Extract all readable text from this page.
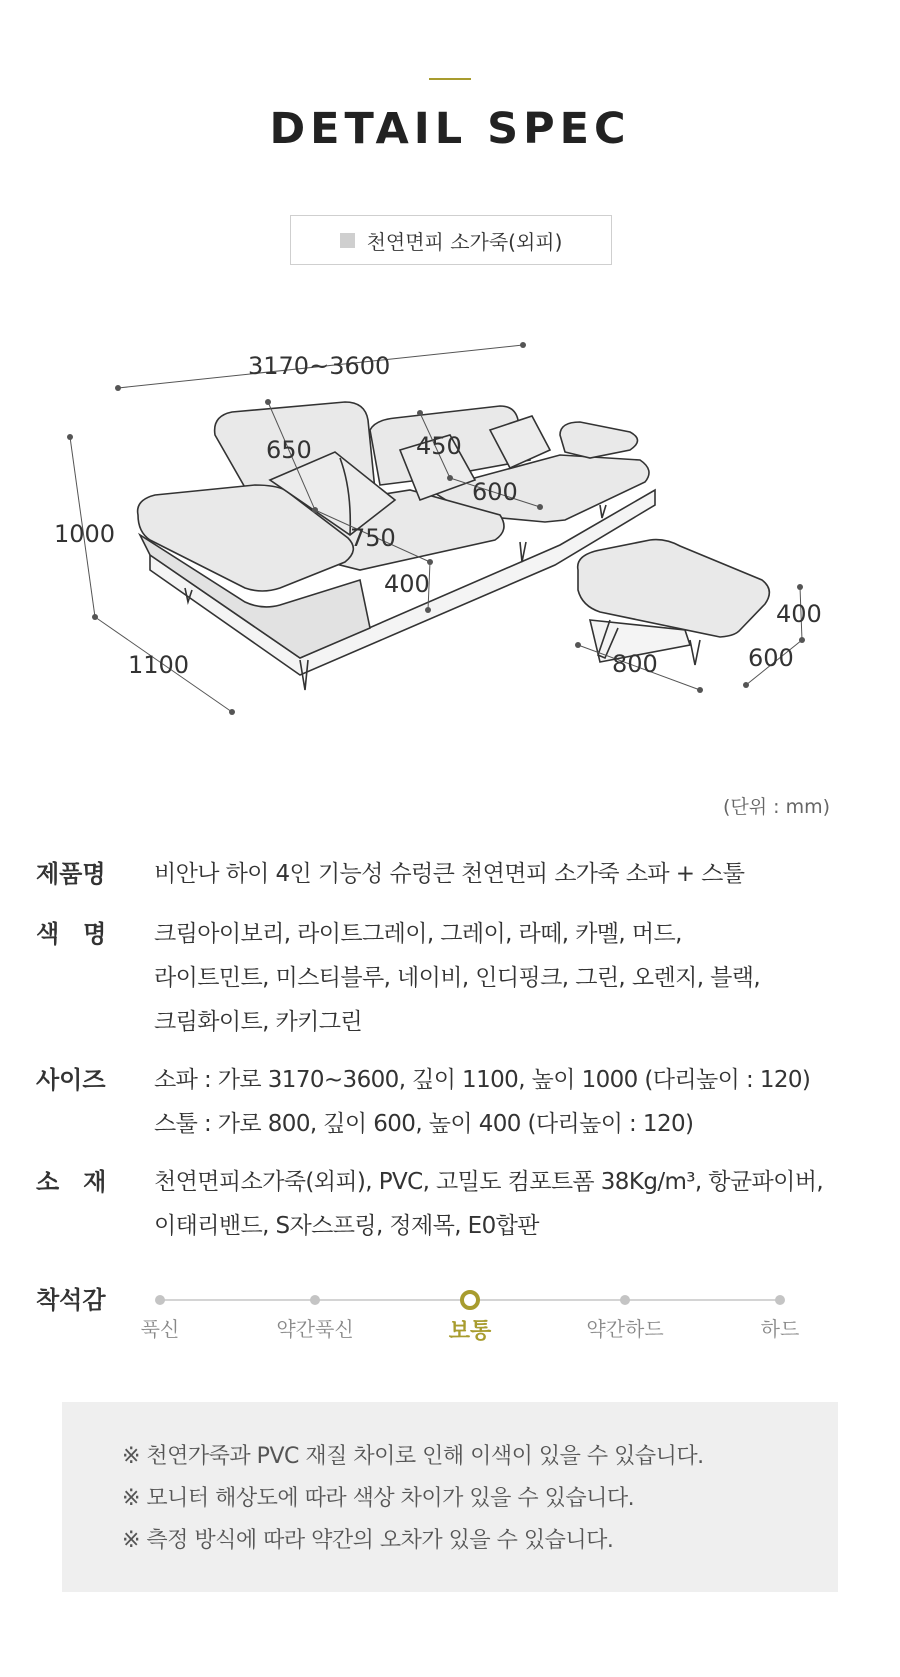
DETAIL SPEC
천연면피 소가죽(외피)
3170~3600
1000
1100
650	450
600
750
400
800	600
400
(단위 : mm)
제품명	비안나 하이 4인 기능성 슈렁큰 천연면피 소가죽 소파 + 스툴
색　명	크림아이보리, 라이트그레이, 그레이, 라떼, 카멜, 머드,
라이트민트, 미스티블루, 네이비, 인디핑크, 그린, 오렌지, 블랙,
크림화이트, 카키그린
사이즈	소파 : 가로 3170~3600, 깊이 1100, 높이 1000 (다리높이 : 120)
스툴 : 가로 800, 깊이 600, 높이 400 (다리높이 : 120)
소　재	천연면피소가죽(외피), PVC, 고밀도 컴포트폼 38Kg/m³, 항균파이버,
이태리밴드, S자스프링, 정제목, E0합판
착석감
푹신	약간푹신	보통	약간하드	하드
※ 천연가죽과 PVC 재질 차이로 인해 이색이 있을 수 있습니다.
※ 모니터 해상도에 따라 색상 차이가 있을 수 있습니다.
※ 측정 방식에 따라 약간의 오차가 있을 수 있습니다.
